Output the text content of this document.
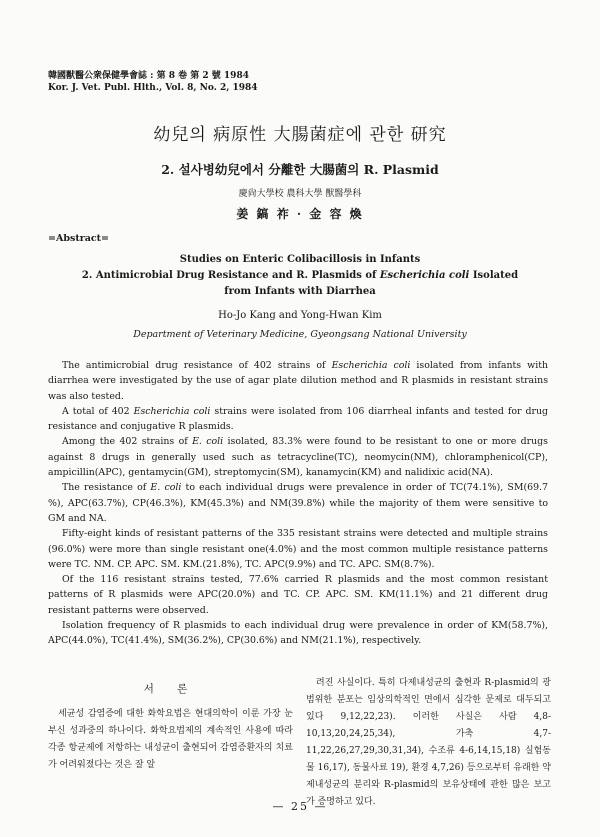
韓國獸醫公衆保健學會誌 : 第 8 卷 第 2 號 1984
Kor. J. Vet. Publ. Hlth., Vol. 8, No. 2, 1984
幼兒의 病原性 大腸菌症에 관한 研究
2. 설사병幼兒에서 分離한 大腸菌의 R. Plasmid
慶尙大學校 農科大學 獸醫學科
姜 鎬 祚 · 金 容 煥
=Abstract=
Studies on Enteric Colibacillosis in Infants
2. Antimicrobial Drug Resistance and R. Plasmids of Escherichia coli Isolated
from Infants with Diarrhea
Ho-Jo Kang and Yong-Hwan Kim
Department of Veterinary Medicine, Gyeongsang National University

The antimicrobial drug resistance of 402 strains of Escherichia coli isolated from infants with diarrhea were investigated by the use of agar plate dilution method and R plasmids in resistant strains was also tested.

A total of 402 Escherichia coli strains were isolated from 106 diarrheal infants and tested for drug resistance and conjugative R plasmids.

Among the 402 strains of E. coli isolated, 83.3% were found to be resistant to one or more drugs against 8 drugs in generally used such as tetracycline(TC), neomycin(NM), chloramphenicol(CP), ampicillin(APC), gentamycin(GM), streptomycin(SM), kanamycin(KM) and nalidixic acid(NA).

The resistance of E. coli to each individual drugs were prevalence in order of TC(74.1%), SM(69.7 %), APC(63.7%), CP(46.3%), KM(45.3%) and NM(39.8%) while the majority of them were sensitive to GM and NA.

Fifty-eight kinds of resistant patterns of the 335 resistant strains were detected and multiple strains (96.0%) were more than single resistant one(4.0%) and the most common multiple resistance patterns were TC. NM. CP. APC. SM. KM.(21.8%), TC. APC(9.9%) and TC. APC. SM(8.7%).

Of the 116 resistant strains tested, 77.6% carried R plasmids and the most common resistant patterns of R plasmids were APC(20.0%) and TC. CP. APC. SM. KM(11.1%) and 21 different drug resistant patterns were observed.

Isolation frequency of R plasmids to each individual drug were prevalence in order of KM(58.7%), APC(44.0%), TC(41.4%), SM(36.2%), CP(30.6%) and NM(21.1%), respectively.

서 론

세균성 감염증에 대한 화학요법은 현대의학이 이룬 가장 눈부신 성과중의 하나이다. 화학요법제의 계속적인 사용에 따라 각종 항균제에 저항하는 내성균이 출현되어 감염증환자의 치료가 어려워졌다는 것은 잘 알

려진 사실이다. 특히 다제내성균의 출현과 R-plasmid의 광범위한 분포는 임상의학적인 면에서 심각한 문제로 대두되고 있다 9,12,22,23). 이러한 사실은 사람 4,8-10,13,20,24,25,34), 가축 4,7-11,22,26,27,29,30,31,34), 수조류 4-6,14,15,18) 실험동물 16,17), 동물사료 19), 환경 4,7,26) 등으로부터 유래한 약제내성균의 분리와 R-plasmid의 보유상태에 관한 많은 보고가 증명하고 있다.

— 25 —
